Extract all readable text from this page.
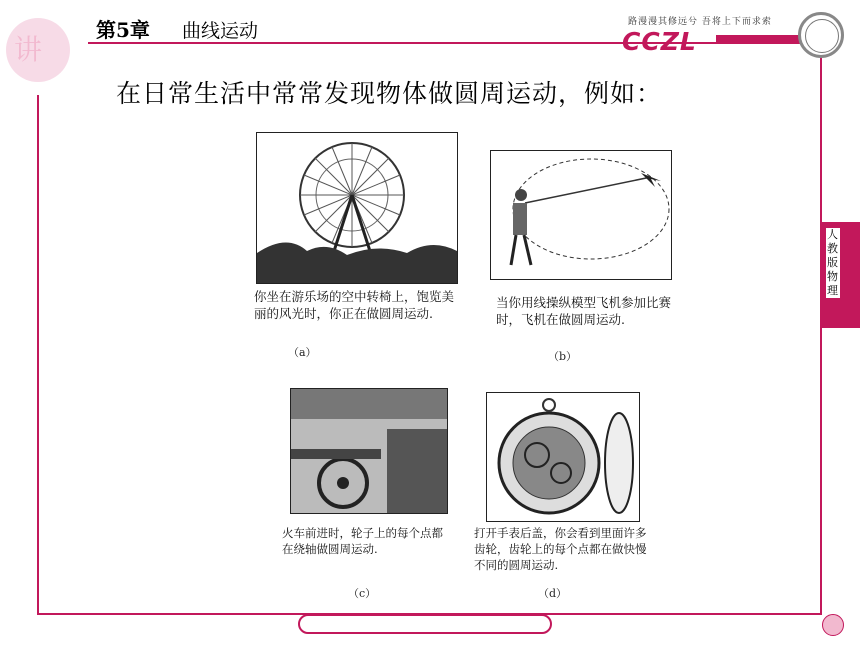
讲
第5章 曲线运动	路漫漫其修远兮 吾将上下而求索
CCZL
在日常生活中常常发现物体做圆周运动，例如：
人教版物理
你坐在游乐场的空中转椅上，饱览美丽的风光时，你正在做圆周运动.
（a）
当你用线操纵模型飞机参加比赛时，飞机在做圆周运动.
（b）
火车前进时，轮子上的每个点都在绕轴做圆周运动.
（c）
打开手表后盖，你会看到里面许多齿轮，齿轮上的每个点都在做快慢不同的圆周运动.
（d）
